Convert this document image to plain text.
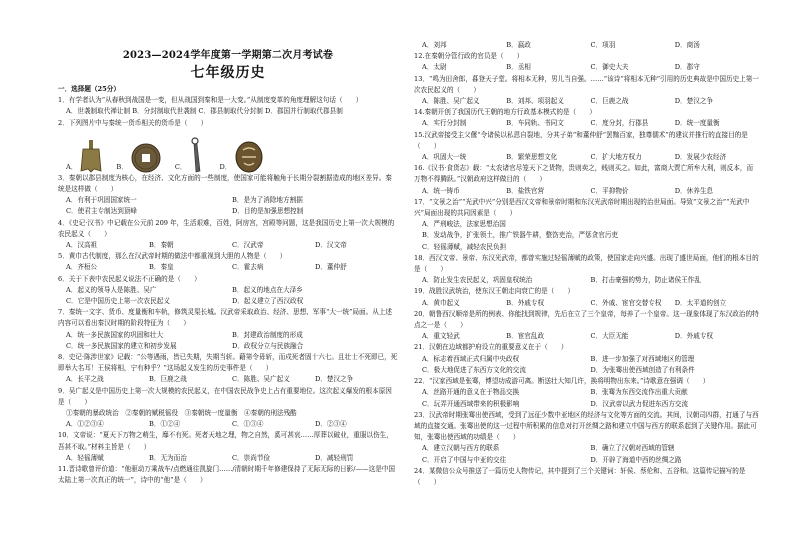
2023—2024学年度第一学期第二次月考试卷
七年级历史
一．选择题（25分）
1．有学者认为“从春秋到战国是一变，但从战国到秦和是一大变。”从制度变革的角度理解这句话（　　）
A．世袭制取代禅让制 B．分封制取代世袭制 C．郡县制取代分封制 D．郡国并行制取代郡县制
2．下列图片中与秦统一货币相关的货币是（　　）
A．	B．	C．	D．
3．秦朝以郡县制度为核心，在经济、文化方面的一些制度，使国家可能将触角于长期分裂割据造成的地区差异。秦统是这样做（　　）
A．有利于巩固国家统一	B．是为了消除地方割据
C．使君主专制达到顶峰	D．目的是加强思想控制
4．《史记·汉书》中记载在公元前 209 年，生活艰难，百姓，阿房宫，宫殿等问题，这是我国历史上第一次大规模的农民起义（　　）
A．汉高祖	B．秦朝	C．汉武帝	D．汉文帝
5．黄巾古代制度，那么在汉武帝时期的做法中都重视到大胆的人物是（　　）
A．齐桓公	B．秦皇	C．霍去病	D．董仲舒
6．关于下表中农民起义说法不正确的是（　　）
A．起义的领导人是陈胜、吴广	B．起义的地点在大泽乡
C．它是中国历史上第一次农民起义	D．起义建立了西汉政权
7．秦统一文字、货币、度量衡和车轨，修筑灵渠长城。汉武帝采取政治、经济、思想、军事“大一统”局面。从上述内容可以看出秦汉时期的阶段特征为（　　）
A．统一多民族国家的巩固和壮大	B．封建政治制度的形成
C．统一多民族国家的建立和初步发展	D．政权分立与民族融合
8．史记·陈涉世家》记载：“公等遇雨，皆已失期，失期当斩。藉第令毋斩，而戍死者固十六七。且壮士不死即已，死即举大名耳！王侯将相，宁有种乎？”这场起义发生的历史事件是（　　）
A．长平之战	B．巨鹿之战	C．陈胜、吴广起义	D．楚汉之争
9．吴广起义是中国历史上第一次大规模的农民起义，在中国农民战争史上占有重要地位。这次起义爆发的根本原因是（　　）
①秦朝的暴政统治　②秦朝的赋税徭役　③秦朝统一度量衡　④秦朝的刑法残酷
A．①②③④	B．①②④	C．①③④	D．②③④
10．文帝说：“夏天下万物之萌生，靡不有死。死者天地之理，物之自然，奚可甚哀……厚葬以破业，重服以伤生，吾甚不取。”材料主旨是（　　）
A．轻徭薄赋	B．无为而治	C．崇尚节俭	D．减轻刑罚
11.晋诗歌曾评价道：“他驱动万乘战车/点燃通往凯旋门……/清朝时期千年修建保持了无际无际的日影/——这是中国太陆上第一次真正的统一”，诗中的“他”是（　　）
A．刘邦	B．嬴政	C．项羽	D．商汤
12.在秦朝分管行政的官员是（　　）
A．太尉	B．丞相	C．御史大夫	D．郡守
13．“鸣为田舍郎，暮登天子堂。将相本无种，男儿当自强。……”该诗“将相本无种”引用的历史典故是中国历史上第一次农民起义的（　　）
A．陈胜、吴广起义	B．刘邦、项羽起义	C．巨鹿之战	D．楚汉之争
14.秦朝开创了我国历代王朝的地方行政基本模式的是（　　）
A．实行分封制	B．车同轨、书同文	C．度分封，行郡县	D．统一度量衡
15.汉武帝接受主父偃“令诸侯以私恩自裂地，分其子弟”和董仲舒“罢黜百家，独尊儒术”的建议并推行的直接目的是（　　）
A．巩固大一统	B．繁荣思想文化	C．扩大地方权力	D．发展少农经济
16.《汉书·食货志》载：“太农诸官尽笼天下之货物，贵则卖之，贱则买之。如此，富商大贾亡所牟大利，则反本，而万物不得腾跃。”汉朝政府这样做目的（　　）
A．统一铸币	B．盐铁官营	C．平抑物价	D．休养生息
17．“文景之治”“光武中兴”分别是西汉文帝和景帝时期和东汉光武帝时期出现的治世局面。导致“文景之治”“光武中兴”局面出现的共同因素是（　　）
A．严刑峻法，法家思想治国
B．发动战争，扩张领土，推广铁器牛耕，整饬吏治，严惩贪官污吏
C．轻徭薄赋，减轻农民负担
18．西汉文帝、景帝、东汉光武帝，都曾实施过轻徭薄赋的政策，使国家走向兴盛。出现了盛世局面，他们的根本目的是（　　）
A．防止发生农民起义，巩固皇权统治	B．打击豪强的势力，防止诸侯王作乱
19．战胜汉武统治，使东汉王朝走向衰亡的是（　　）
A．黄巾起义	B．外戚专权	C．外戚、宦官交替专权	D．太平道的创立
20．朝鲁西汉顺帝是所的例表、你能找到规律，先后在立了三个皇帝，每养了一个皇帝。这一现象体现了东汉政治的特点之一是（　　）
A．重文轻武	B．宦官乱政	C．大臣无能	D．外戚专权
21．汉朝在边域都护府设立的重要意义在于（　　）
A．标志着西域正式归属中央政权	B．进一步加强了对西域地区的管理
C．极大地促进了东西方文化的交流	D．为张骞出使西域创造了有利条件
22．“汉家西域是张骞，博望功成游可离。断送壮大知几许，换将明物出东来。”诗歌意在强调（　　）
A．丝路开通的意义在于物品交换	B．张骞为东西交流作出重大贡献
C．玩弄开通西域带来的积极影响	D．汉武帝以武力促进东西方交流
23．汉武帝时期张骞出使西域，受到了远征少数中亚地区的经济与文化等方面的交流。其间，汉朝司四群，打通了与西域的直接交通。张骞出使的这一过程中所积累的信息对打开丝绸之路和建立中国与西方的联系起到了关键作用。据此可知，张骞出使西域的功绩是（　　）
A．建立汉朝与西方的联系	B．确立了汉朝对西域的管辖
C．开启了中国与中亚的交往	D．开辟了海道中西的丝绸之路
24．某微信公众号推送了一篇历史人物传记，其中提到了三个关键词：轩侯、蔡伦和、五谷和。这篇传记描写的是（　　）
